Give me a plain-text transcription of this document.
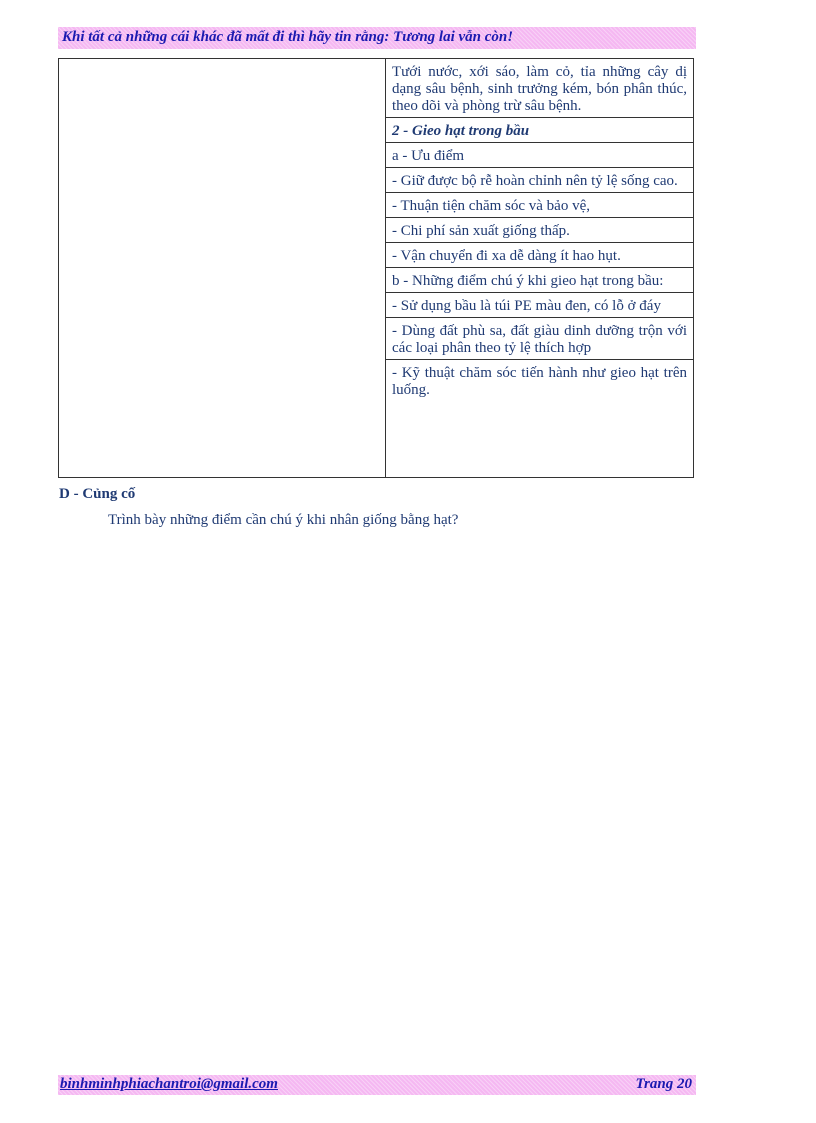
Khi tất cả những cái khác đã mất đi thì hãy tin rằng: Tương lai vẫn còn!
Tưới nước, xới sáo, làm cỏ, tỉa những cây dị dạng sâu bệnh, sinh trưởng kém, bón phân thúc, theo dõi và phòng trừ sâu bệnh.
2 - Gieo hạt trong bầu
a - Ưu điểm
- Giữ được bộ rễ hoàn chỉnh nên tỷ lệ sống cao.
- Thuận tiện chăm sóc và bảo vệ,
- Chi phí sản xuất giống thấp.
- Vận chuyển đi xa dễ dàng ít hao hụt.
b - Những điểm chú ý khi gieo hạt trong bầu:
- Sử dụng bầu là túi PE màu đen, có lỗ ở đáy
- Dùng đất phù sa, đất giàu dinh dưỡng trộn với các loại phân theo tỷ lệ thích hợp
- Kỹ thuật chăm sóc tiến hành như gieo hạt trên luống.
D - Củng cố
Trình bày những điểm cần chú ý khi nhân giống bằng hạt?
binhminhphiachantroi@gmail.com	Trang 20
